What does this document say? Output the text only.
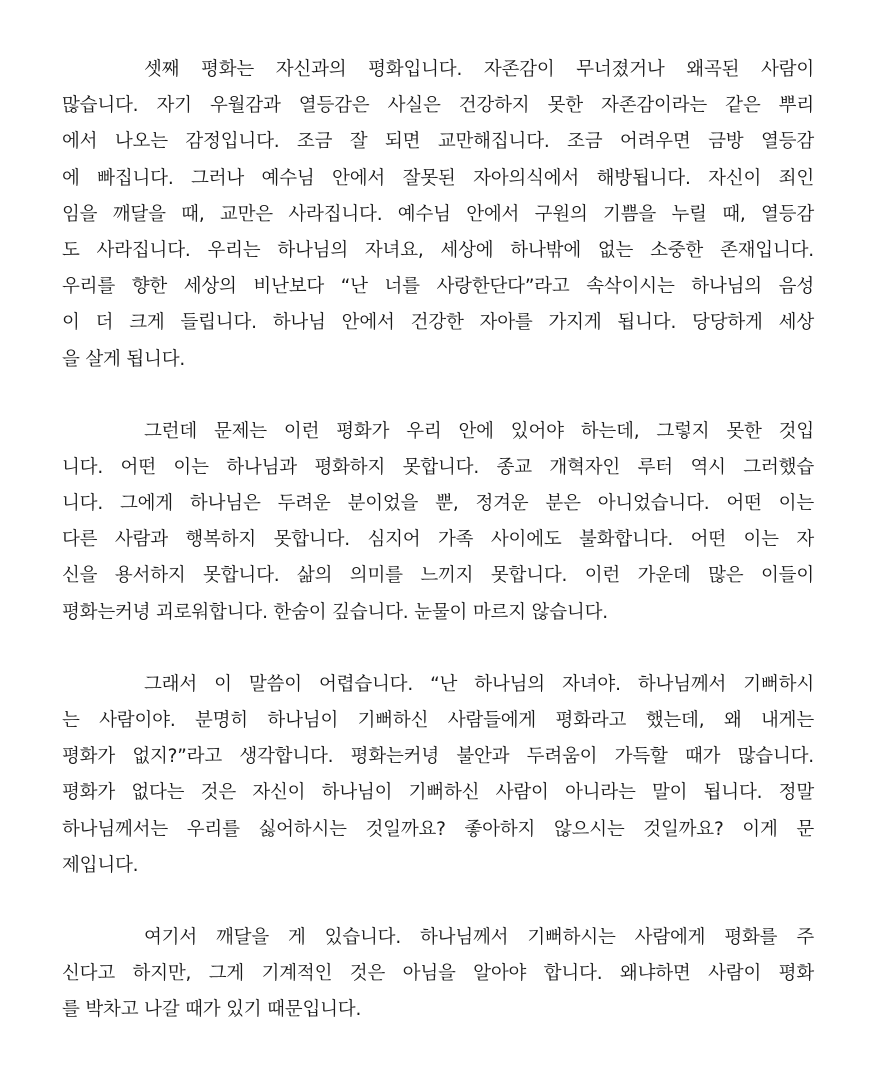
셋째 평화는 자신과의 평화입니다. 자존감이 무너졌거나 왜곡된 사람이
많습니다. 자기 우월감과 열등감은 사실은 건강하지 못한 자존감이라는 같은 뿌리
에서 나오는 감정입니다. 조금 잘 되면 교만해집니다. 조금 어려우면 금방 열등감
에 빠집니다. 그러나 예수님 안에서 잘못된 자아의식에서 해방됩니다. 자신이 죄인
임을 깨달을 때, 교만은 사라집니다. 예수님 안에서 구원의 기쁨을 누릴 때, 열등감
도 사라집니다. 우리는 하나님의 자녀요, 세상에 하나밖에 없는 소중한 존재입니다.
우리를 향한 세상의 비난보다 “난 너를 사랑한단다”라고 속삭이시는 하나님의 음성
이 더 크게 들립니다. 하나님 안에서 건강한 자아를 가지게 됩니다. 당당하게 세상
을 살게 됩니다.
그런데 문제는 이런 평화가 우리 안에 있어야 하는데, 그렇지 못한 것입
니다. 어떤 이는 하나님과 평화하지 못합니다. 종교 개혁자인 루터 역시 그러했습
니다. 그에게 하나님은 두려운 분이었을 뿐, 정겨운 분은 아니었습니다. 어떤 이는
다른 사람과 행복하지 못합니다. 심지어 가족 사이에도 불화합니다. 어떤 이는 자
신을 용서하지 못합니다. 삶의 의미를 느끼지 못합니다. 이런 가운데 많은 이들이
평화는커녕 괴로워합니다. 한숨이 깊습니다. 눈물이 마르지 않습니다.
그래서 이 말씀이 어렵습니다. “난 하나님의 자녀야. 하나님께서 기뻐하시
는 사람이야. 분명히 하나님이 기뻐하신 사람들에게 평화라고 했는데, 왜 내게는
평화가 없지?”라고 생각합니다. 평화는커녕 불안과 두려움이 가득할 때가 많습니다.
평화가 없다는 것은 자신이 하나님이 기뻐하신 사람이 아니라는 말이 됩니다. 정말
하나님께서는 우리를 싫어하시는 것일까요? 좋아하지 않으시는 것일까요? 이게 문
제입니다.
여기서 깨달을 게 있습니다. 하나님께서 기뻐하시는 사람에게 평화를 주
신다고 하지만, 그게 기계적인 것은 아님을 알아야 합니다. 왜냐하면 사람이 평화
를 박차고 나갈 때가 있기 때문입니다.
